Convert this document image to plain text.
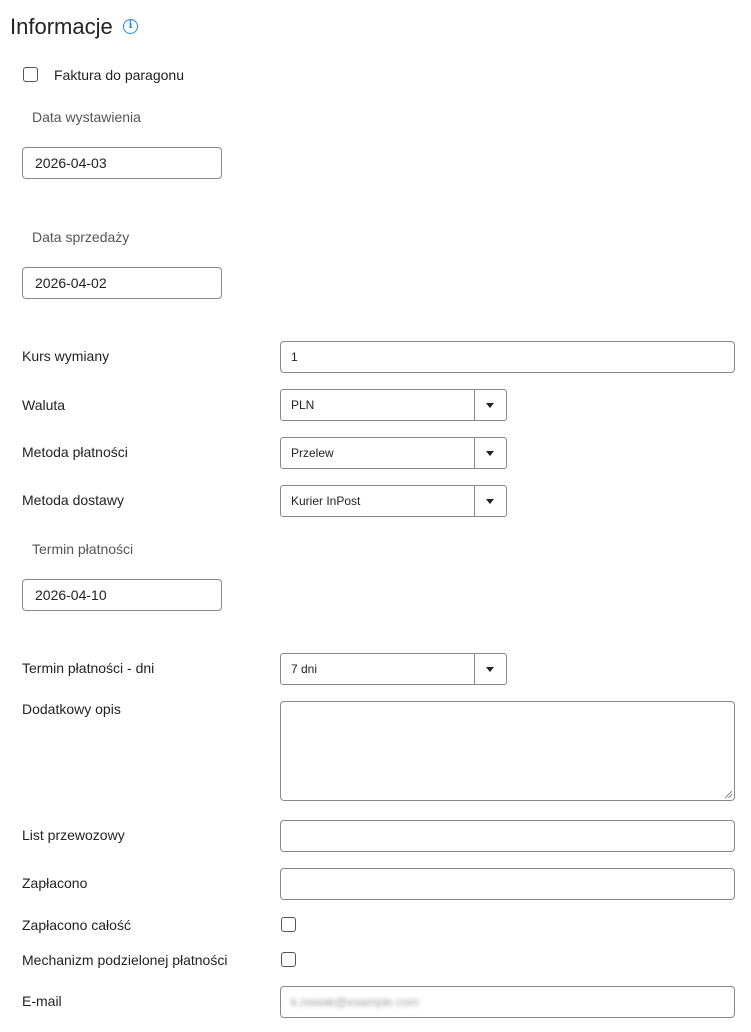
Informacje	i
Faktura do paragonu
Data wystawienia
2026-04-03
Data sprzedaży
2026-04-02
Kurs wymiany	1
Waluta	PLN
Metoda płatności	Przelew
Metoda dostawy	Kurier InPost
Termin płatności
2026-04-10
Termin płatności - dni	7 dni
Dodatkowy opis
List przewozowy
Zapłacono
Zapłacono całość
Mechanizm podzielonej płatności
E-mail	k.nowak@example.com
